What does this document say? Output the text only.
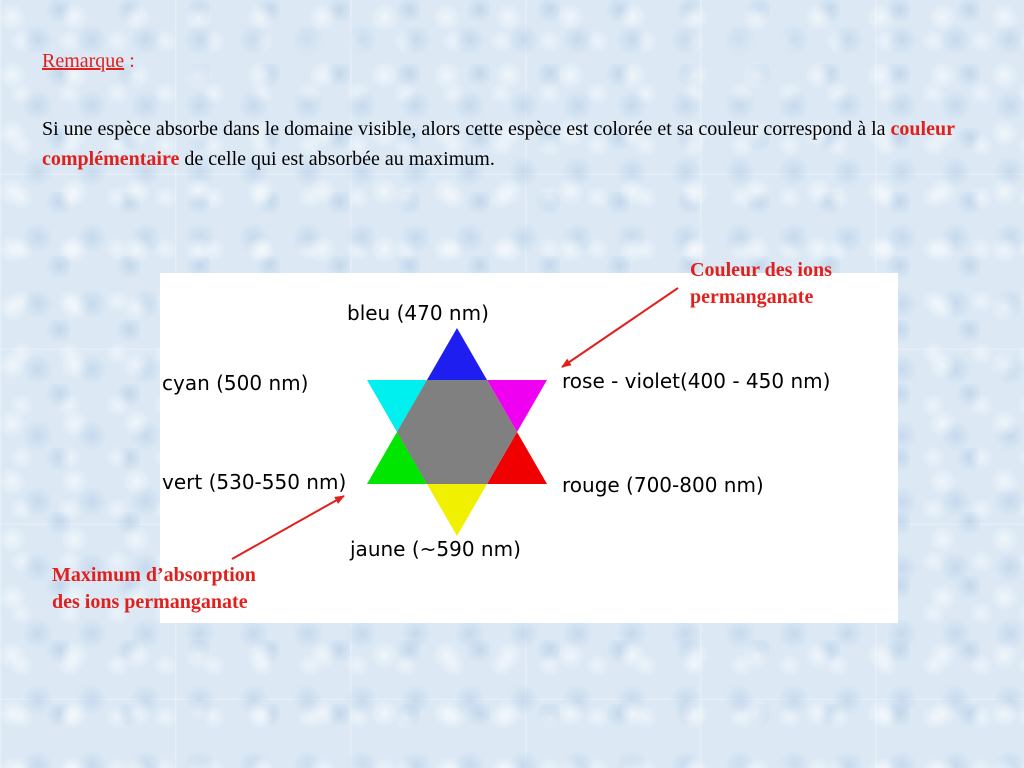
Remarque :
Si une espèce absorbe dans le domaine visible, alors cette espèce est colorée et sa couleur correspond à la couleur complémentaire de celle qui est absorbée au maximum.
bleu (470 nm)
cyan (500 nm)	rose - violet(400 - 450 nm)
vert (530-550 nm)	rouge (700-800 nm)
jaune (~590 nm)
Couleur des ions
permanganate
Maximum d’absorption
des ions permanganate
